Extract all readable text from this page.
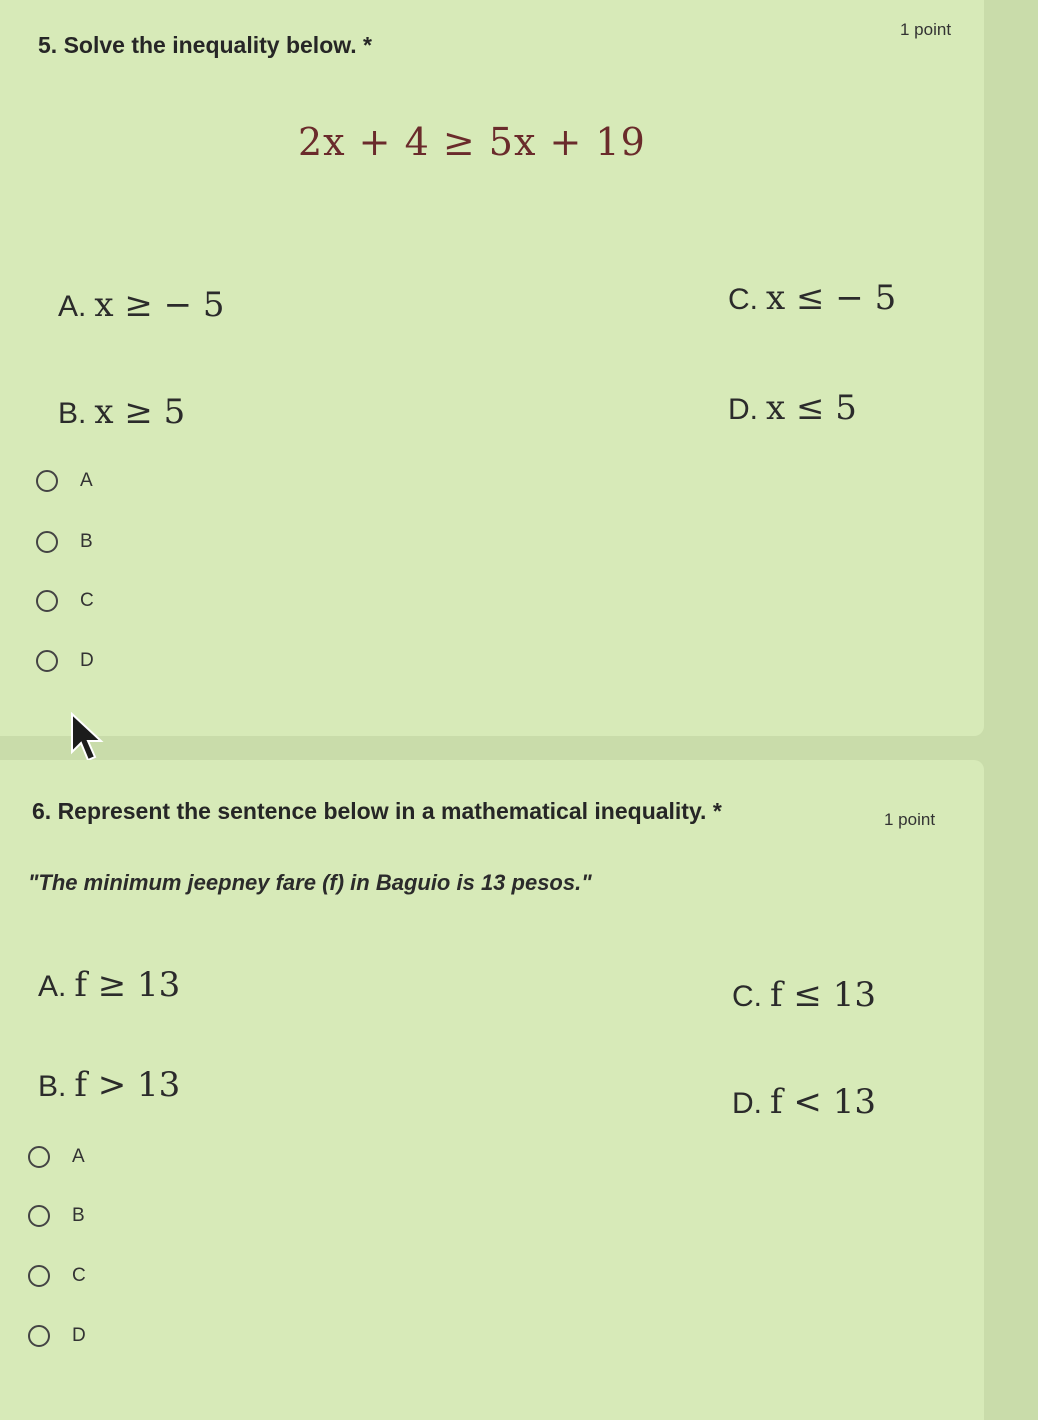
5. Solve the inequality below. *
1 point
2x + 4 ≥ 5x + 19
A. x ≥ − 5	C. x ≤ − 5
B. x ≥ 5	D. x ≤ 5
A
B
C
D
6. Represent the sentence below in a mathematical inequality. *	1 point
"The minimum jeepney fare (f) in Baguio is 13 pesos."
A. f ≥ 13	C. f ≤ 13
B. f > 13	D. f < 13
A
B
C
D
